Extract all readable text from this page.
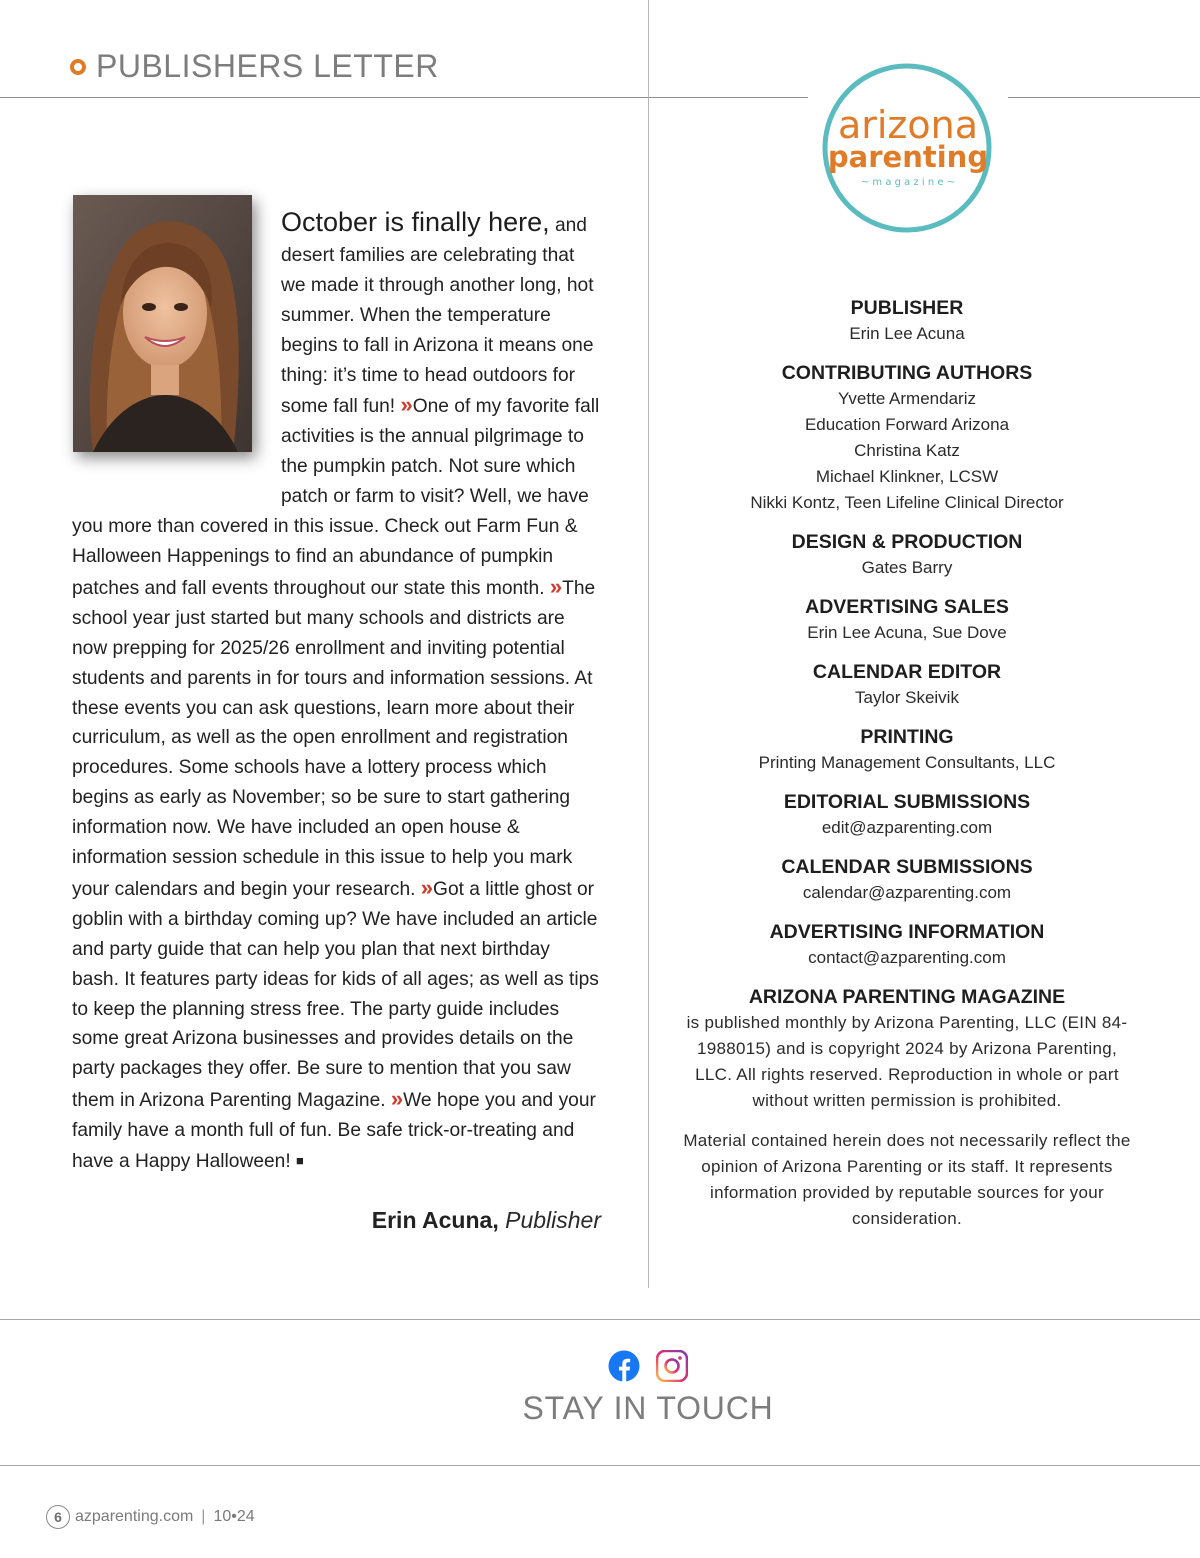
PUBLISHERS LETTER
arizona
parenting
~ m a g a z i n e ~
October is finally here, and desert families are celebrating that we made it through another long, hot summer. When the temperature begins to fall in Arizona it means one thing: it’s time to head outdoors for some fall fun! »One of my favorite fall activities is the annual pilgrimage to the pumpkin patch. Not sure which patch or farm to visit? Well, we have you more than covered in this issue. Check out Farm Fun & Halloween Happenings to find an abundance of pumpkin patches and fall events throughout our state this month. »The school year just started but many schools and districts are now prepping for 2025/26 enrollment and inviting potential students and parents in for tours and information sessions. At these events you can ask questions, learn more about their curriculum, as well as the open enrollment and registration procedures. Some schools have a lottery process which begins as early as November; so be sure to start gathering information now. We have included an open house & information session schedule in this issue to help you mark your calendars and begin your research. »Got a little ghost or goblin with a birthday coming up? We have included an article and party guide that can help you plan that next birthday bash. It features party ideas for kids of all ages; as well as tips to keep the planning stress free. The party guide includes some great Arizona businesses and provides details on the party packages they offer. Be sure to mention that you saw them in Arizona Parenting Magazine. »We hope you and your family have a month full of fun. Be safe trick-or-treating and have a Happy Halloween! ■
Erin Acuna, Publisher
PUBLISHER
Erin Lee Acuna
CONTRIBUTING AUTHORS
Yvette Armendariz
Education Forward Arizona
Christina Katz
Michael Klinkner, LCSW
Nikki Kontz, Teen Lifeline Clinical Director
DESIGN & PRODUCTION
Gates Barry
ADVERTISING SALES
Erin Lee Acuna, Sue Dove
CALENDAR EDITOR
Taylor Skeivik
PRINTING
Printing Management Consultants, LLC
EDITORIAL SUBMISSIONS
edit@azparenting.com
CALENDAR SUBMISSIONS
calendar@azparenting.com
ADVERTISING INFORMATION
contact@azparenting.com
ARIZONA PARENTING MAGAZINE
is published monthly by Arizona Parenting, LLC (EIN 84-1988015) and is copyright 2024 by Arizona Parenting, LLC. All rights reserved. Reproduction in whole or part without written permission is prohibited.
Material contained herein does not necessarily reflect the opinion of Arizona Parenting or its staff. It represents information provided by reputable sources for your consideration.
STAY IN TOUCH
6 azparenting.com | 10•24
